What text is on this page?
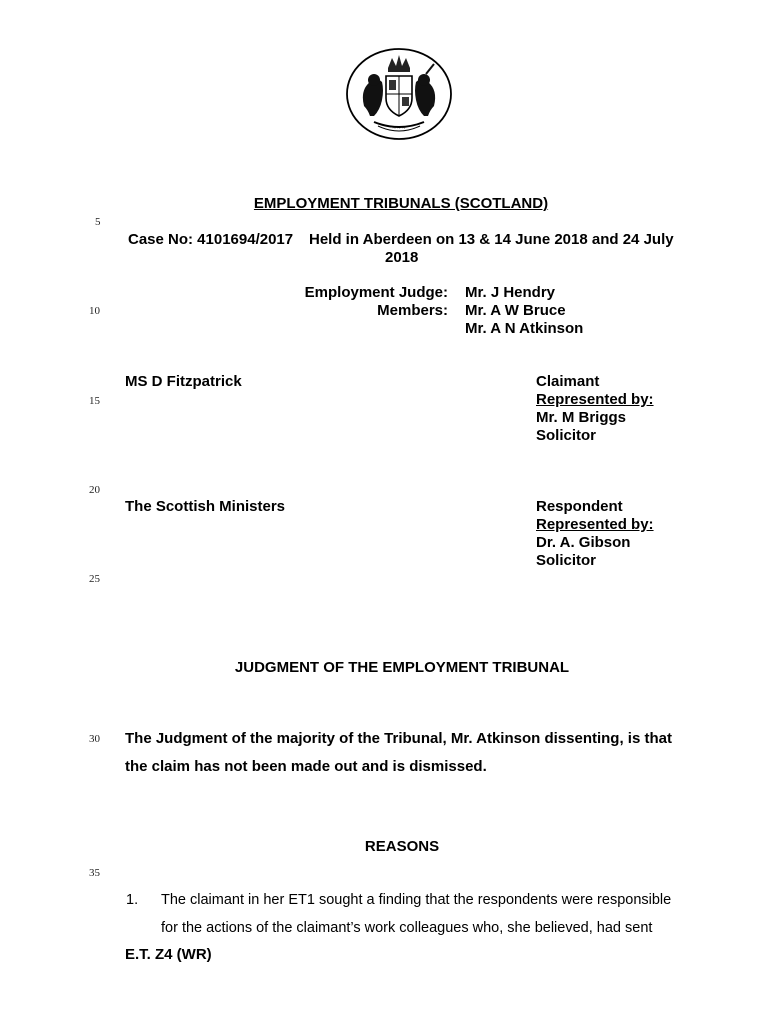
~ ~ ~
5
10
15
20
25
30
35
EMPLOYMENT TRIBUNALS (SCOTLAND)
Case No: 4101694/2017 Held in Aberdeen on 13 & 14 June 2018 and 24 July
2018
Employment Judge:
Members:
Mr. J Hendry
Mr. A W Bruce
Mr. A N Atkinson
MS D Fitzpatrick	Claimant
Represented by:
Mr. M Briggs
Solicitor
The Scottish Ministers	Respondent
Represented by:
Dr. A. Gibson
Solicitor
JUDGMENT OF THE EMPLOYMENT TRIBUNAL
The Judgment of the majority of the Tribunal, Mr. Atkinson dissenting, is that
the claim has not been made out and is dismissed.
REASONS
1. The claimant in her ET1 sought a finding that the respondents were responsible
for the actions of the claimant’s work colleagues who, she believed, had sent
E.T. Z4 (WR)
